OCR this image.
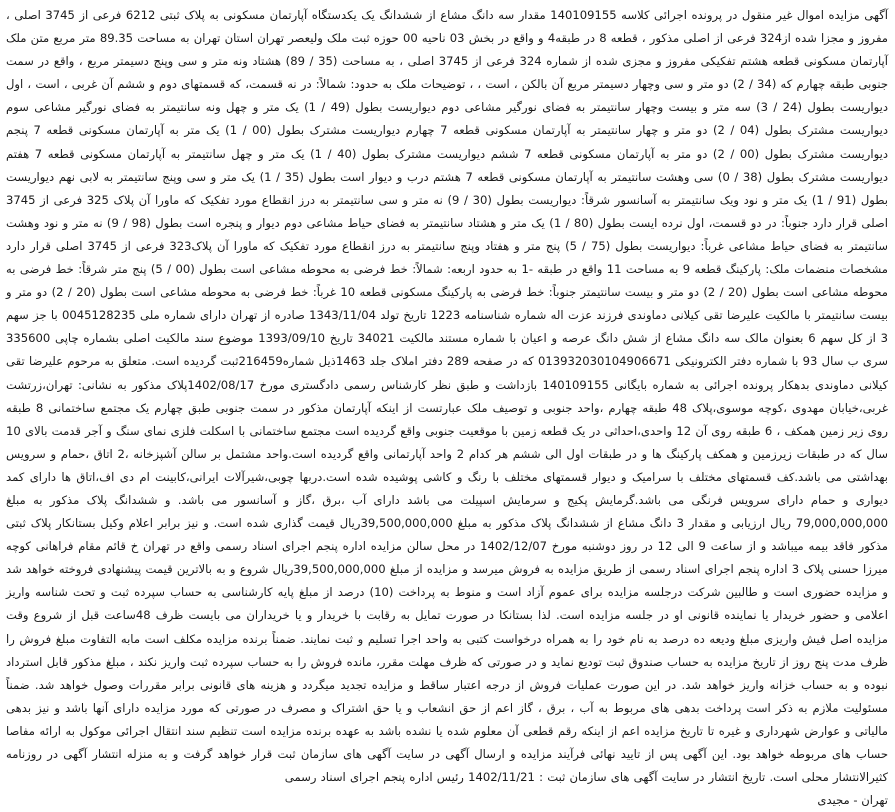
آگهی مزایده اموال غیر منقول در پرونده اجرائی کلاسه 140109155 مقدار سه دانگ مشاع از ششدانگ یک یکدستگاه آپارتمان مسکونی به پلاک ثبتی 6212 فرعی از 3745 اصلی ، مفروز و مجزا شده از324 فرعی از اصلی مذکور ، قطعه 8 در طبقه4 و واقع در بخش 03 ناحیه 00 حوزه ثبت ملک ولیعصر تهران استان تهران به مساحت 89.35 متر مربع متن ملک آپارتمان مسکونی قطعه هشتم تفکیکی مفروز و مجزی شده از شماره 324 فرعی از 3745 اصلی ، به مساحت (35 / 89) هشتاد ونه متر و سی وپنج دسیمتر مربع ، واقع در سمت جنوبی طبقه چهارم که (34 / 2) دو متر و سی وچهار دسیمتر مربع آن بالکن ، است ، ، توضیحات ملک به حدود: شمالاً: در نه قسمت، که قسمتهای دوم و ششم آن غربی ، است ، اول دیواریست بطول (24 / 3) سه متر و بیست وچهار سانتیمتر به فضای نورگیر مشاعی دوم دیواریست بطول (49 / 1) یک متر و چهل ونه سانتیمتر به فضای نورگیر مشاعی سوم دیواریست مشترک بطول (04 / 2) دو متر و چهار سانتیمتر به آپارتمان مسکونی قطعه 7 چهارم دیواریست مشترک بطول (00 / 1) یک متر به آپارتمان مسکونی قطعه 7 پنجم دیواریست مشترک بطول (00 / 2) دو متر به آپارتمان مسکونی قطعه 7 ششم دیواریست مشترک بطول (40 / 1) یک متر و چهل سانتیمتر به آپارتمان مسکونی قطعه 7 هفتم دیواریست مشترک بطول (38 / 0) سی وهشت سانتیمتر به آپارتمان مسکونی قطعه 7 هشتم درب و دیوار است بطول (35 / 1) یک متر و سی وپنج سانتیمتر به لابی نهم دیواریست بطول (91 / 1) یک متر و نود ویک سانتیمتر به آسانسور شرقاً: دیواریست بطول (30 / 9) نه متر و سی سانتیمتر به درز انقطاع مورد تفکیک که ماورا آن پلاک 325 فرعی از 3745 اصلی قرار دارد جنوباً: در دو قسمت، اول نرده ایست بطول (80 / 1) یک متر و هشتاد سانتیمتر به فضای حیاط مشاعی دوم دیوار و پنجره است بطول (98 / 9) نه متر و نود وهشت سانتیمتر به فضای حیاط مشاعی غرباً: دیواریست بطول (75 / 5) پنج متر و هفتاد وپنج سانتیمتر به درز انقطاع مورد تفکیک که ماورا آن پلاک323 فرعی از 3745 اصلی قرار دارد مشخصات منضمات ملک: پارکینگ قطعه 9 به مساحت 11 واقع در طبقه -1 به حدود اربعه: شمالاً: خط فرضی به محوطه مشاعی است بطول (00 / 5) پنج متر شرقاً: خط فرضی به محوطه مشاعی است بطول (20 / 2) دو متر و بیست سانتیمتر جنوباً: خط فرضی به پارکینگ مسکونی قطعه 10 غرباً: خط فرضی به محوطه مشاعی است بطول (20 / 2) دو متر و بیست سانتیمتر با مالکیت علیرضا تقی کیلانی دماوندی فرزند عزت اله شماره شناسنامه 1223 تاریخ تولد 1343/11/04 صادره از تهران دارای شماره ملی 0045128235 با جز سهم 3 از کل سهم 6 بعنوان مالک سه دانگ مشاع از شش دانگ عرصه و اعیان با شماره مستند مالکیت 34021 تاریخ 1393/09/10 موضوع سند مالکیت اصلی بشماره چاپی 335600 سری ب سال 93 با شماره دفتر الکترونیکی 013932030104906671 که در صفحه 289 دفتر املاک جلد 1463ذیل شماره216459ثبت گردیده است. متعلق به مرحوم علیرضا تقی کیلانی دماوندی بدهکار پرونده اجرائی به شماره بایگانی 140109155 بازداشت و طبق نظر کارشناس رسمی دادگستری مورخ 1402/08/17پلاک مذکور به نشانی: تهران،زرتشت غربی،خیابان مهدوی ،کوچه موسوی،پلاک 48 طبقه چهارم ،واحد جنوبی و توصیف ملک عبارتست از اینکه آپارتمان مذکور در سمت جنوبی طبق چهارم یک مجتمع ساختمانی 8 طبقه روی زیر زمین همکف ، 6 طبقه روی آن 12 واحدی،احداثی در یک قطعه زمین با موقعیت جنوبی واقع گردیده است مجتمع ساختمانی با اسکلت فلزی نمای سنگ و آجر قدمت بالای 10 سال که در طبقات زیرزمین و همکف پارکینگ ها و در طبقات اول الی ششم هر کدام 2 واحد آپارتمانی واقع گردیده است.واحد مشتمل بر سالن آشپزخانه ،2 اتاق ،حمام و سرویس بهداشتی می باشد.کف قسمتهای مختلف با سرامیک و دیوار قسمتهای مختلف با رنگ و کاشی پوشیده شده است.دربها چوبی،شیرآلات ایرانی،کابینت ام دی اف،اتاق ها دارای کمد دیواری و حمام دارای سرویس فرنگی می باشد.گرمایش پکیج و سرمایش اسپیلت می باشد دارای آب ،برق ،گاز و آسانسور می باشد. و ششدانگ پلاک مذکور به مبلغ 79,000,000,000 ریال ارزیابی و مقدار 3 دانگ مشاع از ششدانگ پلاک مذکور به مبلغ 39,500,000,000ریال قیمت گذاری شده است. و نیز برابر اعلام وکیل بستانکار پلاک ثبتی مذکور فاقد بیمه میباشد و از ساعت 9 الی 12 در روز دوشنبه مورخ 1402/12/07 در محل سالن مزایده اداره پنجم اجرای اسناد رسمی واقع در تهران خ قائم مقام فراهانی کوچه میرزا حسنی پلاک 3 اداره پنجم اجرای اسناد رسمی از طریق مزایده به فروش میرسد و مزایده از مبلغ 39,500,000,000ریال شروع و به بالاترین قیمت پیشنهادی فروخته خواهد شد و مزایده حضوری است و طالبین شرکت درجلسه مزایده برای عموم آزاد است و منوط به پرداخت (10) درصد از مبلغ پایه کارشناسی به حساب سپرده ثبت و تحت شناسه واریز اعلامی و حضور خریدار یا نماینده قانونی او در جلسه مزایده است. لذا بستانکا در صورت تمایل به رقابت با خریدار و یا خریداران می بایست ظرف 48ساعت قبل از شروع وقت مزایده اصل فیش واریزی مبلغ ودیعه ده درصد به نام خود را به همراه درخواست کتبی به واحد اجرا تسلیم و ثبت نمایند. ضمناً برنده مزایده مکلف است مابه التفاوت مبلغ فروش را ظرف مدت پنج روز از تاریخ مزایده به حساب صندوق ثبت تودیع نماید و در صورتی که ظرف مهلت مقرر، مانده فروش را به حساب سپرده ثبت واریز نکند ، مبلغ مذکور قابل استرداد نبوده و به حساب خزانه واریز خواهد شد. در این صورت عملیات فروش از درجه اعتبار ساقط و مزایده تجدید میگردد و هزینه های قانونی برابر مقررات وصول خواهد شد. ضمناً مسئولیت ملازم به ذکر است پرداخت بدهی های مربوط به آب ، برق ، گاز اعم از حق انشعاب و یا حق اشتراک و مصرف در صورتی که مورد مزایده دارای آنها باشد و نیز بدهی مالیاتی و عوارض شهرداری و غیره تا تاریخ مزایده اعم از اینکه رقم قطعی آن معلوم شده یا نشده باشد به عهده برنده مزایده است تنظیم سند انتقال اجرائی موکول به ارائه مفاصا حساب های مربوطه خواهد بود. این آگهی پس از تایید نهائی فرآیند مزایده و ارسال آگهی در سایت آگهی های سازمان ثبت قرار خواهد گرفت و به منزله انتشار آگهی در روزنامه کثیرالانتشار محلی است. تاریخ انتشار در سایت آگهی های سازمان ثبت : 1402/11/21 رئیس اداره پنجم اجرای اسناد رسمی

تهران - مجیدی
